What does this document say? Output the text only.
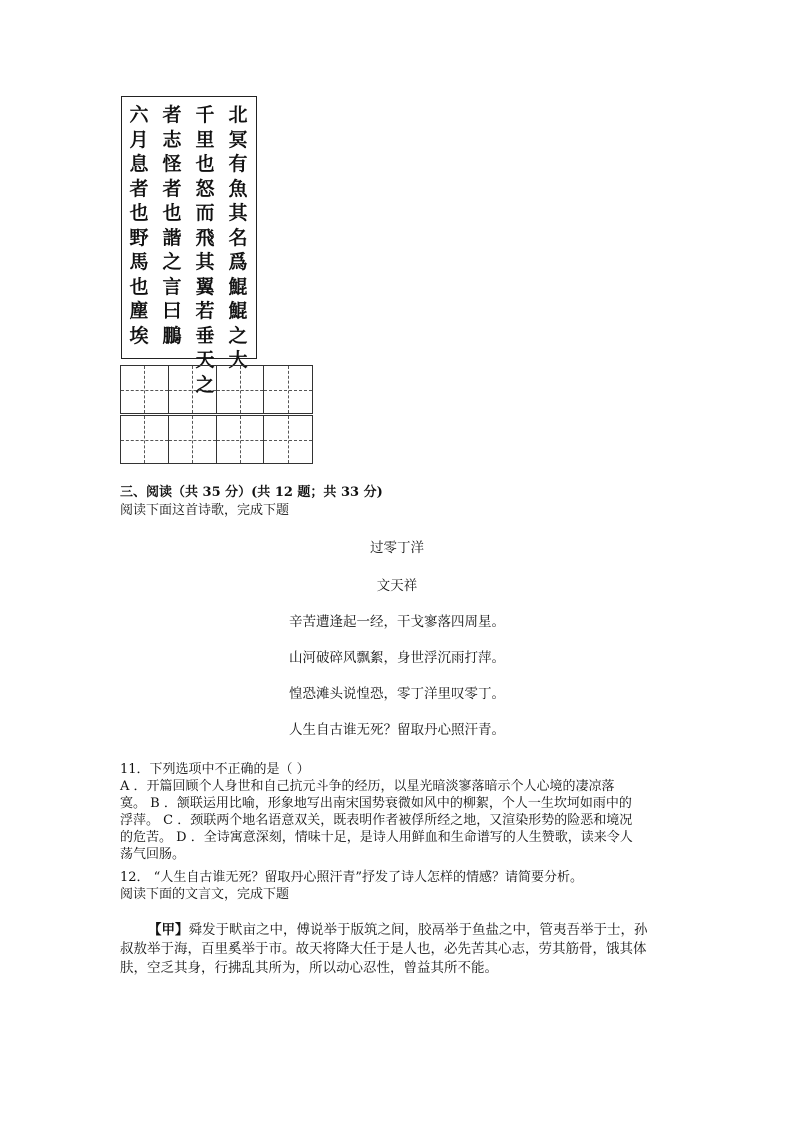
北
冥
有
魚
其
名
爲
鯤
鯤
之
大
千
里
也
怒
而
飛
其
翼
若
垂
天
之
者
志
怪
者
也
諧
之
言
曰
鵬
六
月
息
者
也
野
馬
也
塵
埃
三、阅读（共 35 分）(共 12 题；共 33 分)
阅读下面这首诗歌，完成下题
过零丁洋
文天祥
辛苦遭逢起一经，干戈寥落四周星。
山河破碎风飘絮，身世浮沉雨打萍。
惶恐滩头说惶恐，零丁洋里叹零丁。
人生自古谁无死？留取丹心照汗青。
11．下列选项中不正确的是（ ）
A ．开篇回顾个人身世和自己抗元斗争的经历，以星光暗淡寥落暗示个人心境的凄凉落
寞。 B ．颔联运用比喻，形象地写出南宋国势衰微如风中的柳絮，个人一生坎坷如雨中的
浮萍。 C ．颈联两个地名语意双关，既表明作者被俘所经之地，又渲染形势的险恶和境况
的危苦。 D ．全诗寓意深刻，情味十足，是诗人用鲜血和生命谱写的人生赞歌，读来令人
荡气回肠。
12． “人生自古谁无死？留取丹心照汗青”抒发了诗人怎样的情感？请简要分析。
阅读下面的文言文，完成下题
【甲】舜发于畎亩之中，傅说举于版筑之间，胶鬲举于鱼盐之中，管夷吾举于士，孙
叔敖举于海，百里奚举于市。故天将降大任于是人也，必先苦其心志，劳其筋骨，饿其体
肤，空乏其身，行拂乱其所为，所以动心忍性，曾益其所不能。
